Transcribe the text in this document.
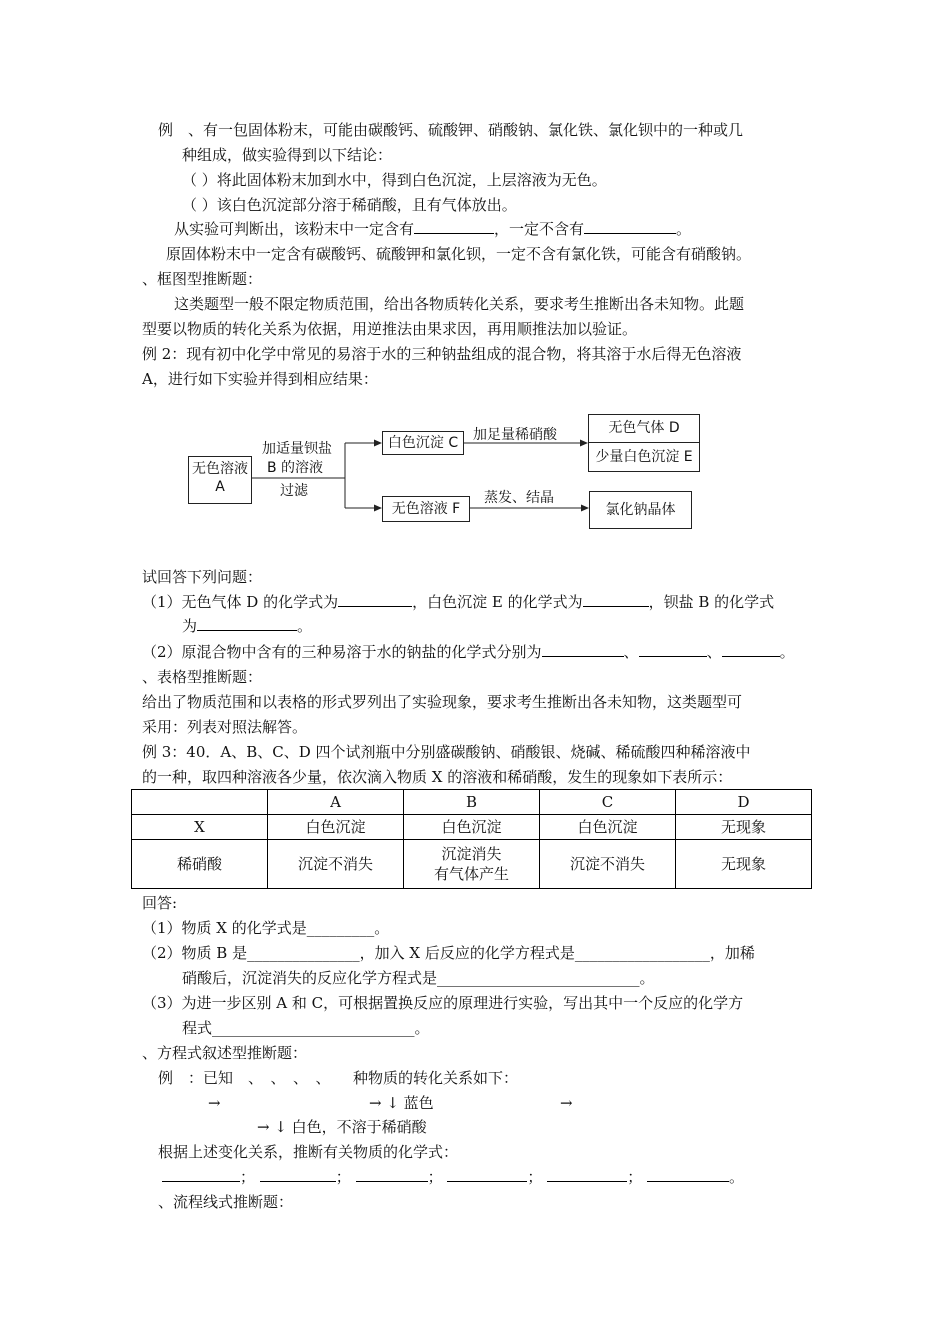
例　、有一包固体粉末，可能由碳酸钙、硫酸钾、硝酸钠、氯化铁、氯化钡中的一种或几
种组成，做实验得到以下结论：
（ ）将此固体粉末加到水中，得到白色沉淀，上层溶液为无色。
（ ）该白色沉淀部分溶于稀硝酸，且有气体放出。
从实验可判断出，该粉末中一定含有	，一定不含有	。
原固体粉末中一定含有碳酸钙、硫酸钾和氯化钡，一定不含有氯化铁，可能含有硝酸钠。
、框图型推断题：
这类题型一般不限定物质范围，给出各物质转化关系，要求考生推断出各未知物。此题
型要以物质的转化关系为依据，用逆推法由果求因，再用顺推法加以验证。
例 2：现有初中化学中常见的易溶于水的三种钠盐组成的混合物，将其溶于水后得无色溶液
A，进行如下实验并得到相应结果：
无色溶液
A
加适量钡盐
B 的溶液
过滤
白色沉淀 C	加足量稀硝酸	无色气体 D
少量白色沉淀 E
无色溶液 F
蒸发、结晶
氯化钠晶体
试回答下列问题：
（1）无色气体 D 的化学式为	，白色沉淀 E 的化学式为	，钡盐 B 的化学式
为	。
（2）原混合物中含有的三种易溶于水的钠盐的化学式分别为	、	、	。
、表格型推断题：
给出了物质范围和以表格的形式罗列出了实验现象，要求考生推断出各未知物，这类题型可
采用：列表对照法解答。
例 3：40．A、B、C、D 四个试剂瓶中分别盛碳酸钠、硝酸银、烧碱、稀硫酸四种稀溶液中
的一种，取四种溶液各少量，依次滴入物质 X 的溶液和稀硝酸，发生的现象如下表所示：
	A	B	C	D
X	白色沉淀	白色沉淀	白色沉淀	无现象
稀硝酸	沉淀不消失	沉淀消失
有气体产生	沉淀不消失	无现象
回答:
（1）物质 X 的化学式是_________。
（2）物质 B 是_______________，加入 X 后反应的化学方程式是__________________，加稀
硝酸后，沉淀消失的反应化学方程式是___________________________。
（3）为进一步区别 A 和 C，可根据置换反应的原理进行实验，写出其中一个反应的化学方
程式___________________________。
、方程式叙述型推断题：
例　：已知　、　、　、　、　　种物质的转化关系如下：
→	→ ↓ 蓝色	→
→ ↓ 白色，不溶于稀硝酸
根据上述变化关系，推断有关物质的化学式：
；	；	；	；	；	。
、流程线式推断题：
